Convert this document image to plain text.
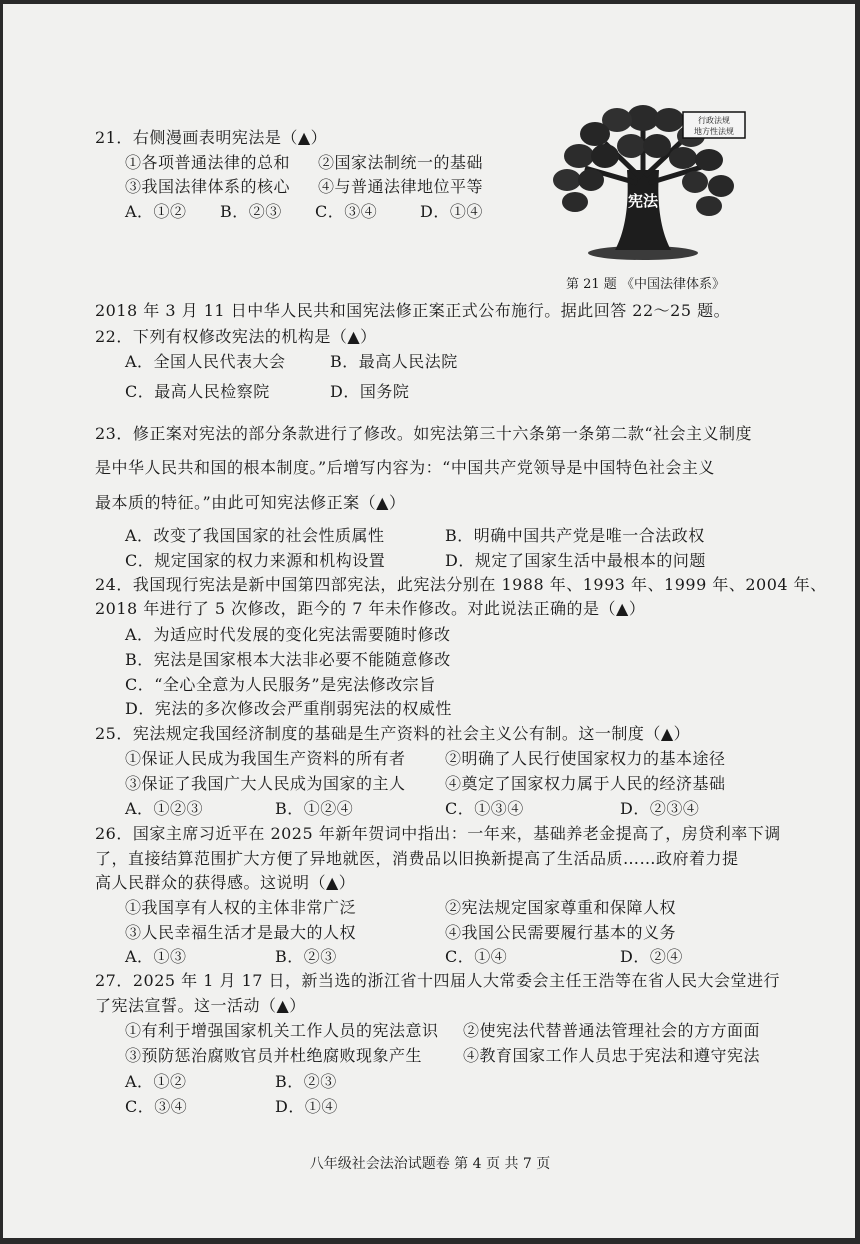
21．右侧漫画表明宪法是（▲）
①各项普通法律的总和 ②国家法制统一的基础
③我国法律体系的核心 ④与普通法律地位平等
A．①② B．②③ C．③④	D．①④
行政法规
地方性法规
宪法
第 21 题 《中国法律体系》
2018 年 3 月 11 日中华人民共和国宪法修正案正式公布施行。据此回答 22～25 题。
22．下列有权修改宪法的机构是（▲）
A．全国人民代表大会	B．最高人民法院
C．最高人民检察院	D．国务院
23．修正案对宪法的部分条款进行了修改。如宪法第三十六条第一条第二款“社会主义制度
是中华人民共和国的根本制度。”后增写内容为：“中国共产党领导是中国特色社会主义
最本质的特征。”由此可知宪法修正案（▲）
A．改变了我国国家的社会性质属性	B．明确中国共产党是唯一合法政权
C．规定国家的权力来源和机构设置	D．规定了国家生活中最根本的问题
24．我国现行宪法是新中国第四部宪法，此宪法分别在 1988 年、1993 年、1999 年、2004 年、
2018 年进行了 5 次修改，距今的 7 年未作修改。对此说法正确的是（▲）
A．为适应时代发展的变化宪法需要随时修改
B．宪法是国家根本大法非必要不能随意修改
C．“全心全意为人民服务”是宪法修改宗旨
D．宪法的多次修改会严重削弱宪法的权威性
25．宪法规定我国经济制度的基础是生产资料的社会主义公有制。这一制度（▲）
①保证人民成为我国生产资料的所有者 ②明确了人民行使国家权力的基本途径
③保证了我国广大人民成为国家的主人 ④奠定了国家权力属于人民的经济基础
A．①②③	B．①②④	C．①③④	D．②③④
26．国家主席习近平在 2025 年新年贺词中指出：一年来，基础养老金提高了，房贷利率下调
了，直接结算范围扩大方便了异地就医，消费品以旧换新提高了生活品质……政府着力提
高人民群众的获得感。这说明（▲）
①我国享有人权的主体非常广泛	②宪法规定国家尊重和保障人权
③人民幸福生活才是最大的人权	④我国公民需要履行基本的义务
A．①③	B．②③	C．①④	D．②④
27．2025 年 1 月 17 日，新当选的浙江省十四届人大常委会主任王浩等在省人民大会堂进行
了宪法宣誓。这一活动（▲）
①有利于增强国家机关工作人员的宪法意识 ②使宪法代替普通法管理社会的方方面面
③预防惩治腐败官员并杜绝腐败现象产生	④教育国家工作人员忠于宪法和遵守宪法
A．①②	B．②③
C．③④	D．①④
八年级社会法治试题卷 第 4 页 共 7 页
